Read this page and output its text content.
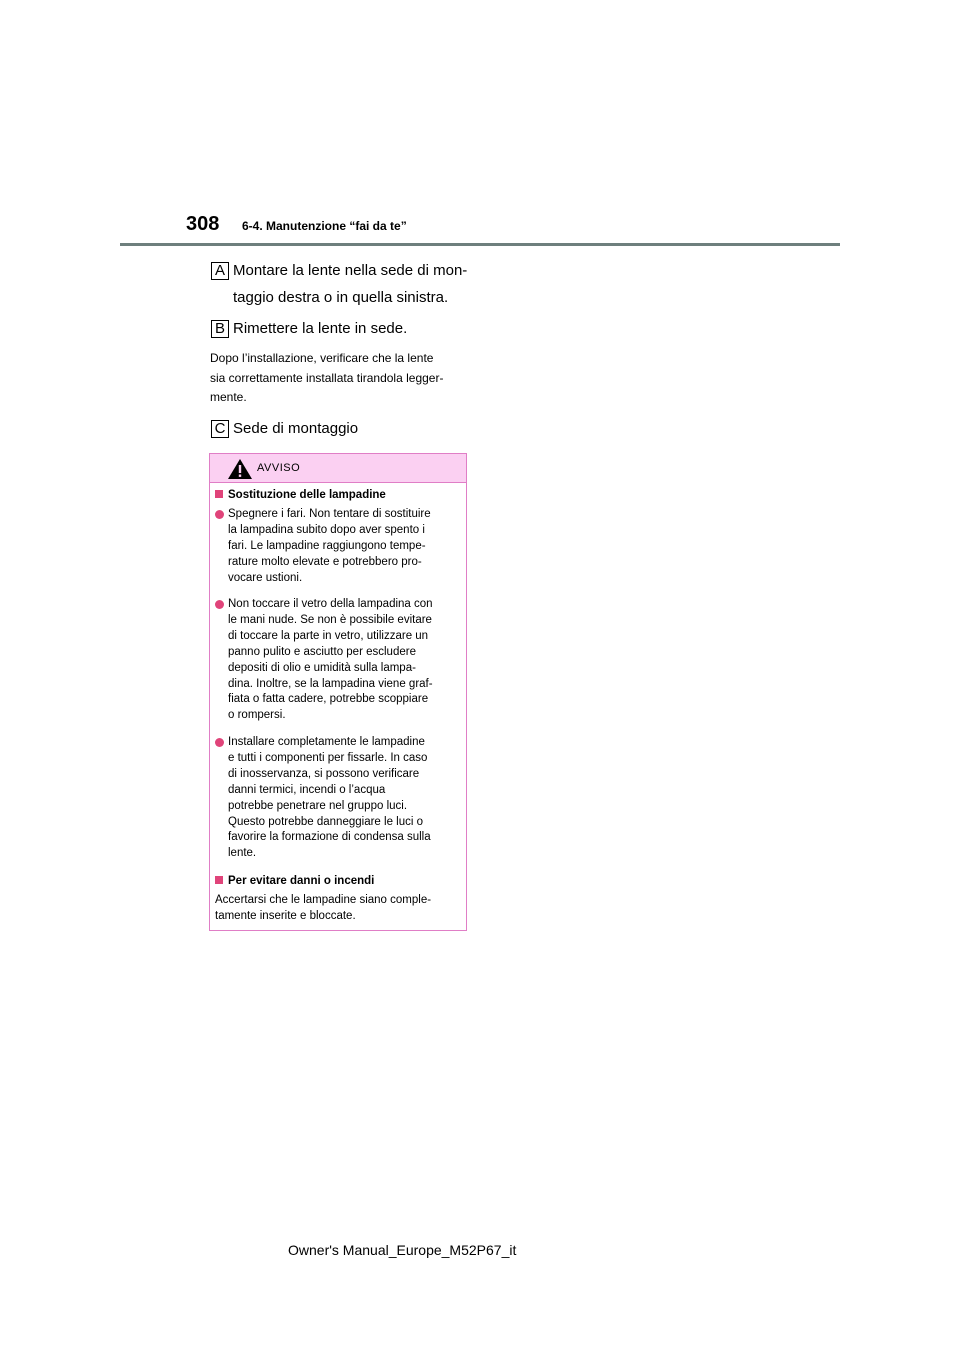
308 6-4. Manutenzione “fai da te”
A Montare la lente nella sede di mon-
taggio destra o in quella sinistra.
B Rimettere la lente in sede.
Dopo l’installazione, verificare che la lente
sia correttamente installata tirandola legger-
mente.
C Sede di montaggio
AVVISO
Sostituzione delle lampadine
Spegnere i fari. Non tentare di sostituire
la lampadina subito dopo aver spento i
fari. Le lampadine raggiungono tempe-
rature molto elevate e potrebbero pro-
vocare ustioni.
Non toccare il vetro della lampadina con
le mani nude. Se non è possibile evitare
di toccare la parte in vetro, utilizzare un
panno pulito e asciutto per escludere
depositi di olio e umidità sulla lampa-
dina. Inoltre, se la lampadina viene graf-
fiata o fatta cadere, potrebbe scoppiare
o rompersi.
Installare completamente le lampadine
e tutti i componenti per fissarle. In caso
di inosservanza, si possono verificare
danni termici, incendi o l’acqua
potrebbe penetrare nel gruppo luci.
Questo potrebbe danneggiare le luci o
favorire la formazione di condensa sulla
lente.
Per evitare danni o incendi
Accertarsi che le lampadine siano comple-
tamente inserite e bloccate.
Owner's Manual_Europe_M52P67_it
